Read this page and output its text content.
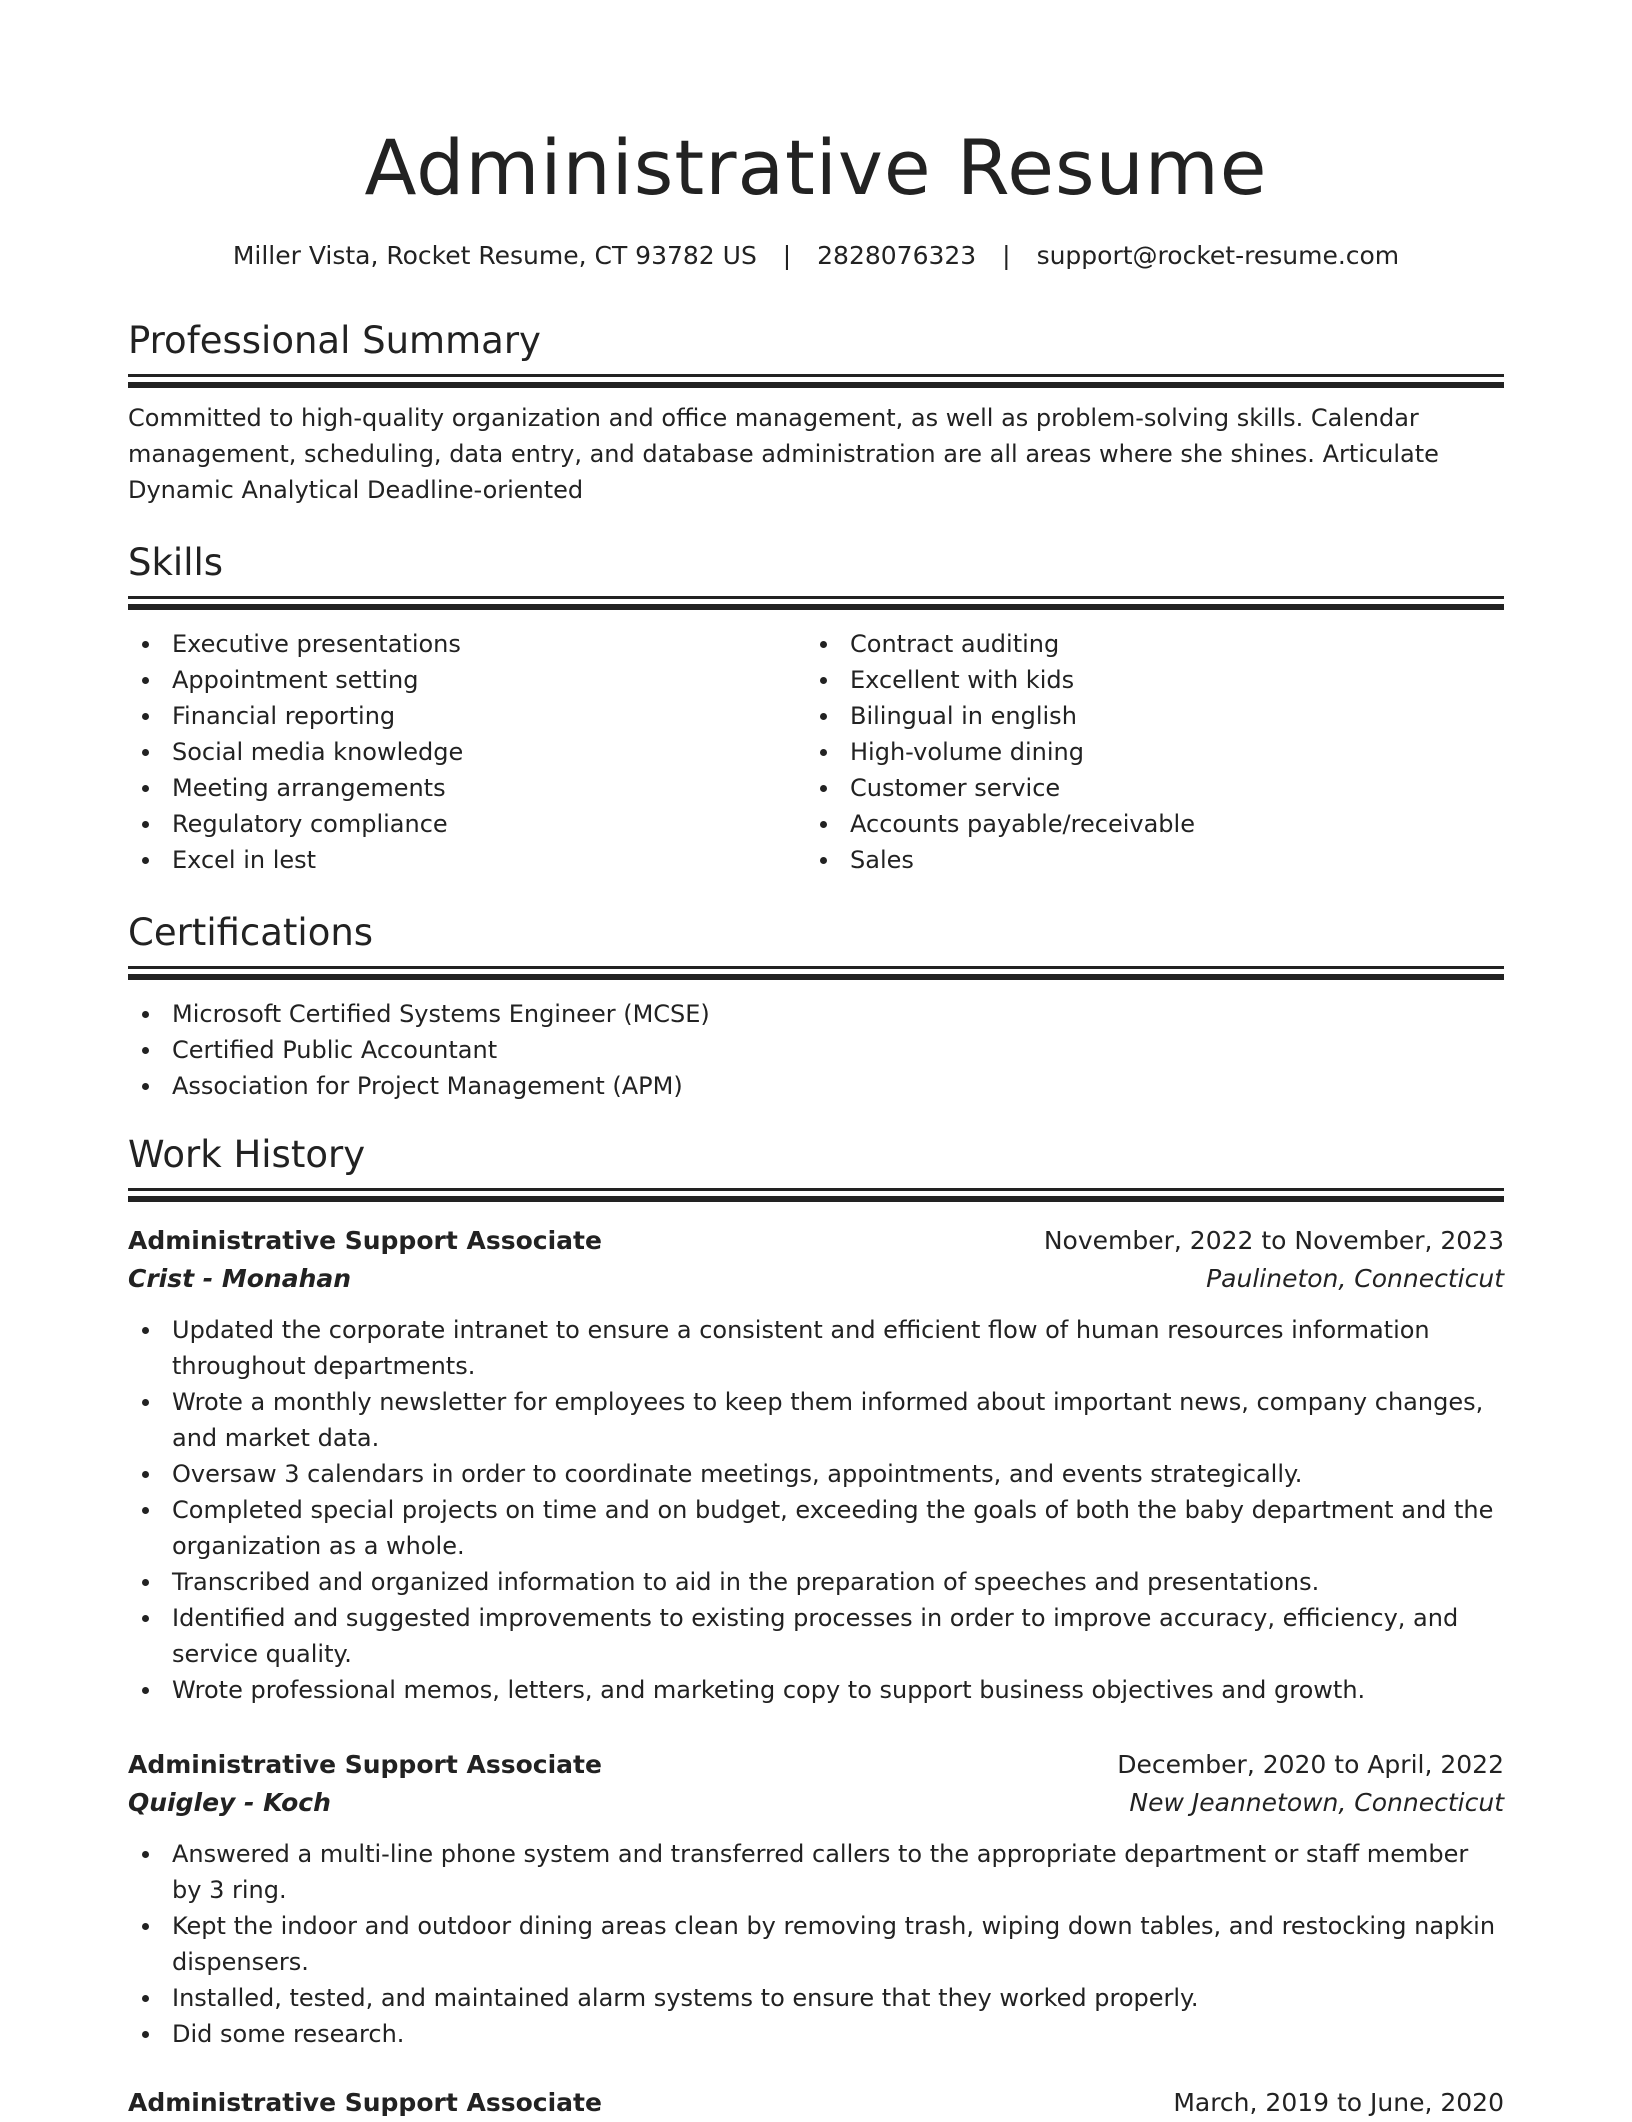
Administrative Resume
Miller Vista, Rocket Resume, CT 93782 US | 2828076323 | support@rocket-resume.com
Professional Summary
Committed to high-quality organization and office management, as well as problem-solving skills. Calendar management, scheduling, data entry, and database administration are all areas where she shines. Articulate Dynamic Analytical Deadline-oriented
Skills
Executive presentations
Appointment setting
Financial reporting
Social media knowledge
Meeting arrangements
Regulatory compliance
Excel in lest
Contract auditing
Excellent with kids
Bilingual in english
High-volume dining
Customer service
Accounts payable/receivable
Sales
Certifications
Microsoft Certified Systems Engineer (MCSE)
Certified Public Accountant
Association for Project Management (APM)
Work History
Administrative Support Associate	November, 2022 to November, 2023
Crist - Monahan	Paulineton, Connecticut
Updated the corporate intranet to ensure a consistent and efficient flow of human resources information throughout departments.
Wrote a monthly newsletter for employees to keep them informed about important news, company changes, and market data.
Oversaw 3 calendars in order to coordinate meetings, appointments, and events strategically.
Completed special projects on time and on budget, exceeding the goals of both the baby department and the organization as a whole.
Transcribed and organized information to aid in the preparation of speeches and presentations.
Identified and suggested improvements to existing processes in order to improve accuracy, efficiency, and service quality.
Wrote professional memos, letters, and marketing copy to support business objectives and growth.
Administrative Support Associate	December, 2020 to April, 2022
Quigley - Koch	New Jeannetown, Connecticut
Answered a multi-line phone system and transferred callers to the appropriate department or staff member by 3 ring.
Kept the indoor and outdoor dining areas clean by removing trash, wiping down tables, and restocking napkin dispensers.
Installed, tested, and maintained alarm systems to ensure that they worked properly.
Did some research.
Administrative Support Associate	March, 2019 to June, 2020
